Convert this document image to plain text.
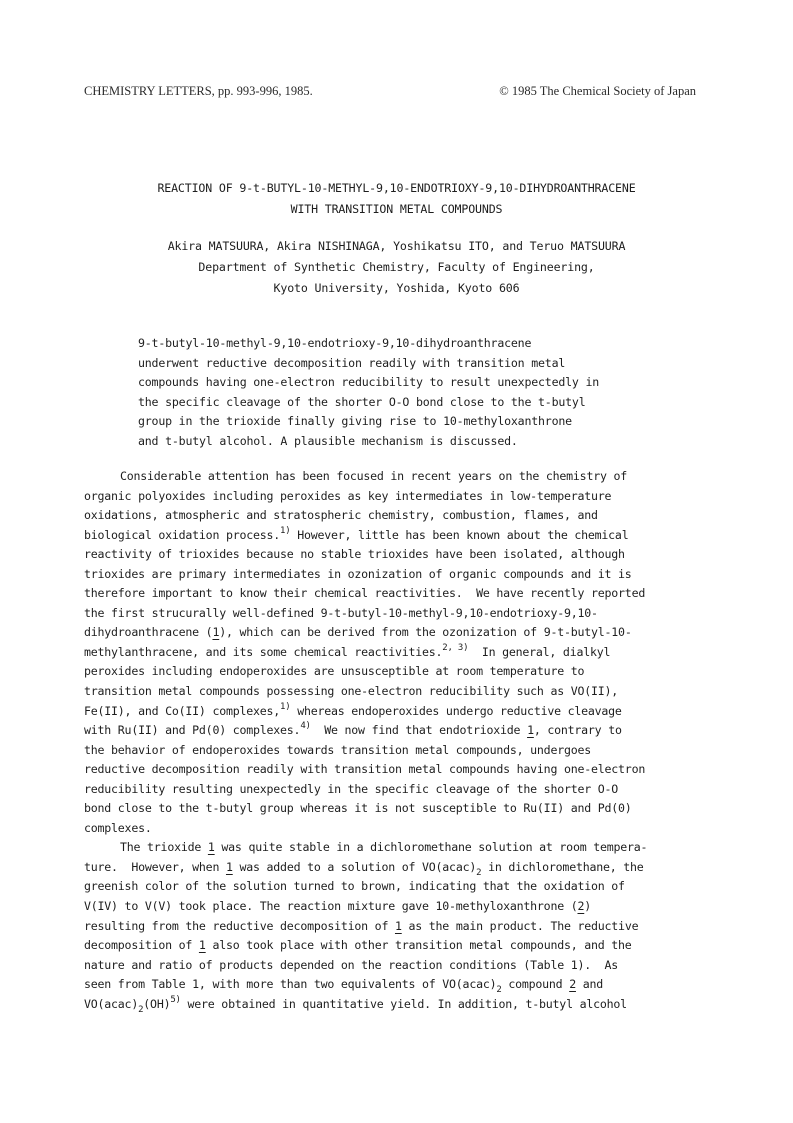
CHEMISTRY LETTERS, pp. 993-996, 1985.	© 1985 The Chemical Society of Japan
REACTION OF 9-t-BUTYL-10-METHYL-9,10-ENDOTRIOXY-9,10-DIHYDROANTHRACENE
WITH TRANSITION METAL COMPOUNDS
Akira MATSUURA, Akira NISHINAGA, Yoshikatsu ITO, and Teruo MATSUURA
Department of Synthetic Chemistry, Faculty of Engineering,
Kyoto University, Yoshida, Kyoto 606
9-t-butyl-10-methyl-9,10-endotrioxy-9,10-dihydroanthracene
underwent reductive decomposition readily with transition metal
compounds having one-electron reducibility to result unexpectedly in
the specific cleavage of the shorter O-O bond close to the t-butyl
group in the trioxide finally giving rise to 10-methyloxanthrone
and t-butyl alcohol. A plausible mechanism is discussed.
Considerable attention has been focused in recent years on the chemistry of
organic polyoxides including peroxides as key intermediates in low-temperature
oxidations, atmospheric and stratospheric chemistry, combustion, flames, and
biological oxidation process.$^{1)}$ However, little has been known about the chemical
reactivity of trioxides because no stable trioxides have been isolated, although
trioxides are primary intermediates in ozonization of organic compounds and it is
therefore important to know their chemical reactivities.  We have recently reported
the first strucurally well-defined 9-t-butyl-10-methyl-9,10-endotrioxy-9,10-
dihydroanthracene (1), which can be derived from the ozonization of 9-t-butyl-10-
methylanthracene, and its some chemical reactivities.$^{2, 3)}$  In general, dialkyl
peroxides including endoperoxides are unsusceptible at room temperature to
transition metal compounds possessing one-electron reducibility such as VO(II),
Fe(II), and Co(II) complexes,$^{1)}$ whereas endoperoxides undergo reductive cleavage
with Ru(II) and Pd(0) complexes.$^{4)}$  We now find that endotrioxide 1, contrary to
the behavior of endoperoxides towards transition metal compounds, undergoes
reductive decomposition readily with transition metal compounds having one-electron
reducibility resulting unexpectedly in the specific cleavage of the shorter O-O
bond close to the t-butyl group whereas it is not susceptible to Ru(II) and Pd(0)
complexes.
The trioxide 1 was quite stable in a dichloromethane solution at room tempera-
ture.  However, when 1 was added to a solution of $VO(acac)_2$ in dichloromethane, the
greenish color of the solution turned to brown, indicating that the oxidation of
V(IV) to V(V) took place. The reaction mixture gave 10-methyloxanthrone (2)
resulting from the reductive decomposition of 1 as the main product. The reductive
decomposition of 1 also took place with other transition metal compounds, and the
nature and ratio of products depended on the reaction conditions (Table 1).  As
seen from Table 1, with more than two equivalents of $VO(acac)_2$ compound 2 and
$VO(acac)_2(OH)^{5)}$ were obtained in quantitative yield. In addition, t-butyl alcohol
